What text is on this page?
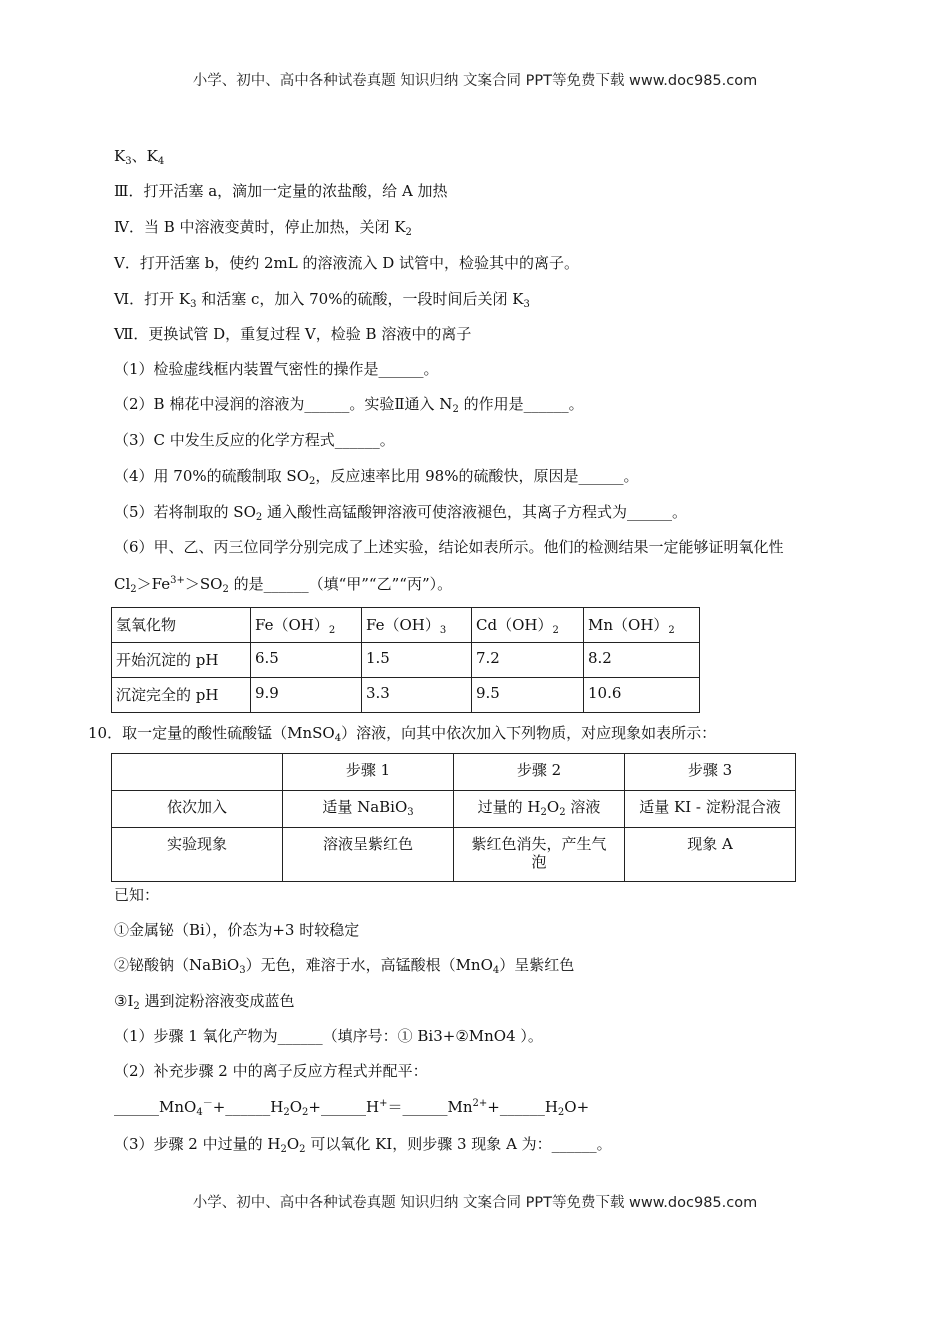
小学、初中、高中各种试卷真题 知识归纳 文案合同 PPT等免费下载 www.doc985.com
$K_3$、$K_4$
Ⅲ．打开活塞 a，滴加一定量的浓盐酸，给 A 加热
Ⅳ．当 B 中溶液变黄时，停止加热，关闭 $K_2$
Ⅴ．打开活塞 b，使约 2mL 的溶液流入 D 试管中，检验其中的离子。
Ⅵ．打开 $K_3$ 和活塞 c，加入 70%的硫酸，一段时间后关闭 $K_3$
Ⅶ．更换试管 D，重复过程 V，检验 B 溶液中的离子
（1）检验虚线框内装置气密性的操作是______。
（2）B 棉花中浸润的溶液为______。实验Ⅱ通入 $N_2$ 的作用是______。
（3）C 中发生反应的化学方程式______。
（4）用 70%的硫酸制取 $SO_2$，反应速率比用 98%的硫酸快，原因是______。
（5）若将制取的 $SO_2$ 通入酸性高锰酸钾溶液可使溶液褪色，其离子方程式为______。
（6）甲、乙、丙三位同学分别完成了上述实验，结论如表所示。他们的检测结果一定能够证明氧化性
$Cl_2>Fe^{3+}>SO_2$ 的是______（填“甲”“乙”“丙”）。
氢氧化物	$Fe(OH)_2$	$Fe(OH)_3$	$Cd(OH)_2$	$Mn(OH)_2$
开始沉淀的 pH	6.5	1.5	7.2	8.2
沉淀完全的 pH	9.9	3.3	9.5	10.6
10．取一定量的酸性硫酸锰（MnSO$_4$）溶液，向其中依次加入下列物质，对应现象如表所示：
	步骤 1	步骤 2	步骤 3
依次加入	适量 NaBiO$_3$	过量的 $H_2O_2$ 溶液	适量 KI ‐ 淀粉混合液
实验现象	溶液呈紫红色	紫红色消失，产生气泡	现象 A
已知：
①金属铋（Bi），价态为+3 时较稳定
②铋酸钠（NaBiO$_3$）无色，难溶于水，高锰酸根（MnO$_4$）呈紫红色
$③I_2$ 遇到淀粉溶液变成蓝色
（1）步骤 1 氧化产物为______（填序号：① Bi3+②MnO4 ）。
（2）补充步骤 2 中的离子反应方程式并配平：
$\_\_\_\_\_\_MnO_4^-+\_\_\_\_\_\_H_2O_2+\_\_\_\_\_\_H^+=\_\_\_\_\_\_Mn^{2+}+\_\_\_\_\_\_H_2O+$
（3）步骤 2 中过量的 $H_2O_2$ 可以氧化 KI，则步骤 3 现象 A 为：______。
小学、初中、高中各种试卷真题 知识归纳 文案合同 PPT等免费下载 www.doc985.com
